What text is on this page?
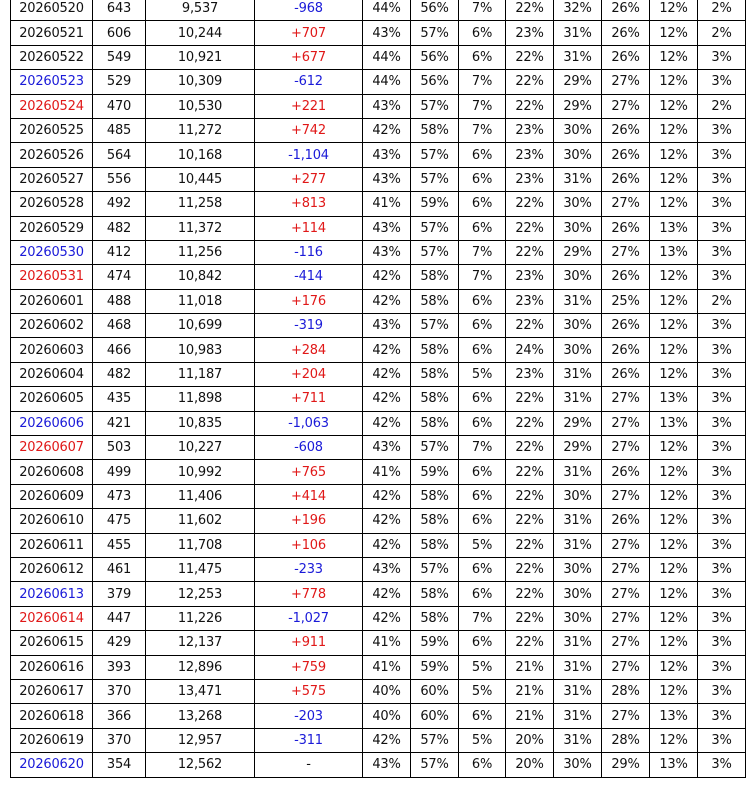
20260520	643	9,537	-968	44%	56%	7%	22%	32%	26%	12%	2%
20260521	606	10,244	+707	43%	57%	6%	23%	31%	26%	12%	2%
20260522	549	10,921	+677	44%	56%	6%	22%	31%	26%	12%	3%
20260523	529	10,309	-612	44%	56%	7%	22%	29%	27%	12%	3%
20260524	470	10,530	+221	43%	57%	7%	22%	29%	27%	12%	2%
20260525	485	11,272	+742	42%	58%	7%	23%	30%	26%	12%	3%
20260526	564	10,168	-1,104	43%	57%	6%	23%	30%	26%	12%	3%
20260527	556	10,445	+277	43%	57%	6%	23%	31%	26%	12%	3%
20260528	492	11,258	+813	41%	59%	6%	22%	30%	27%	12%	3%
20260529	482	11,372	+114	43%	57%	6%	22%	30%	26%	13%	3%
20260530	412	11,256	-116	43%	57%	7%	22%	29%	27%	13%	3%
20260531	474	10,842	-414	42%	58%	7%	23%	30%	26%	12%	3%
20260601	488	11,018	+176	42%	58%	6%	23%	31%	25%	12%	2%
20260602	468	10,699	-319	43%	57%	6%	22%	30%	26%	12%	3%
20260603	466	10,983	+284	42%	58%	6%	24%	30%	26%	12%	3%
20260604	482	11,187	+204	42%	58%	5%	23%	31%	26%	12%	3%
20260605	435	11,898	+711	42%	58%	6%	22%	31%	27%	13%	3%
20260606	421	10,835	-1,063	42%	58%	6%	22%	29%	27%	13%	3%
20260607	503	10,227	-608	43%	57%	7%	22%	29%	27%	12%	3%
20260608	499	10,992	+765	41%	59%	6%	22%	31%	26%	12%	3%
20260609	473	11,406	+414	42%	58%	6%	22%	30%	27%	12%	3%
20260610	475	11,602	+196	42%	58%	6%	22%	31%	26%	12%	3%
20260611	455	11,708	+106	42%	58%	5%	22%	31%	27%	12%	3%
20260612	461	11,475	-233	43%	57%	6%	22%	30%	27%	12%	3%
20260613	379	12,253	+778	42%	58%	6%	22%	30%	27%	12%	3%
20260614	447	11,226	-1,027	42%	58%	7%	22%	30%	27%	12%	3%
20260615	429	12,137	+911	41%	59%	6%	22%	31%	27%	12%	3%
20260616	393	12,896	+759	41%	59%	5%	21%	31%	27%	12%	3%
20260617	370	13,471	+575	40%	60%	5%	21%	31%	28%	12%	3%
20260618	366	13,268	-203	40%	60%	6%	21%	31%	27%	13%	3%
20260619	370	12,957	-311	42%	57%	5%	20%	31%	28%	12%	3%
20260620	354	12,562	-	43%	57%	6%	20%	30%	29%	13%	3%
